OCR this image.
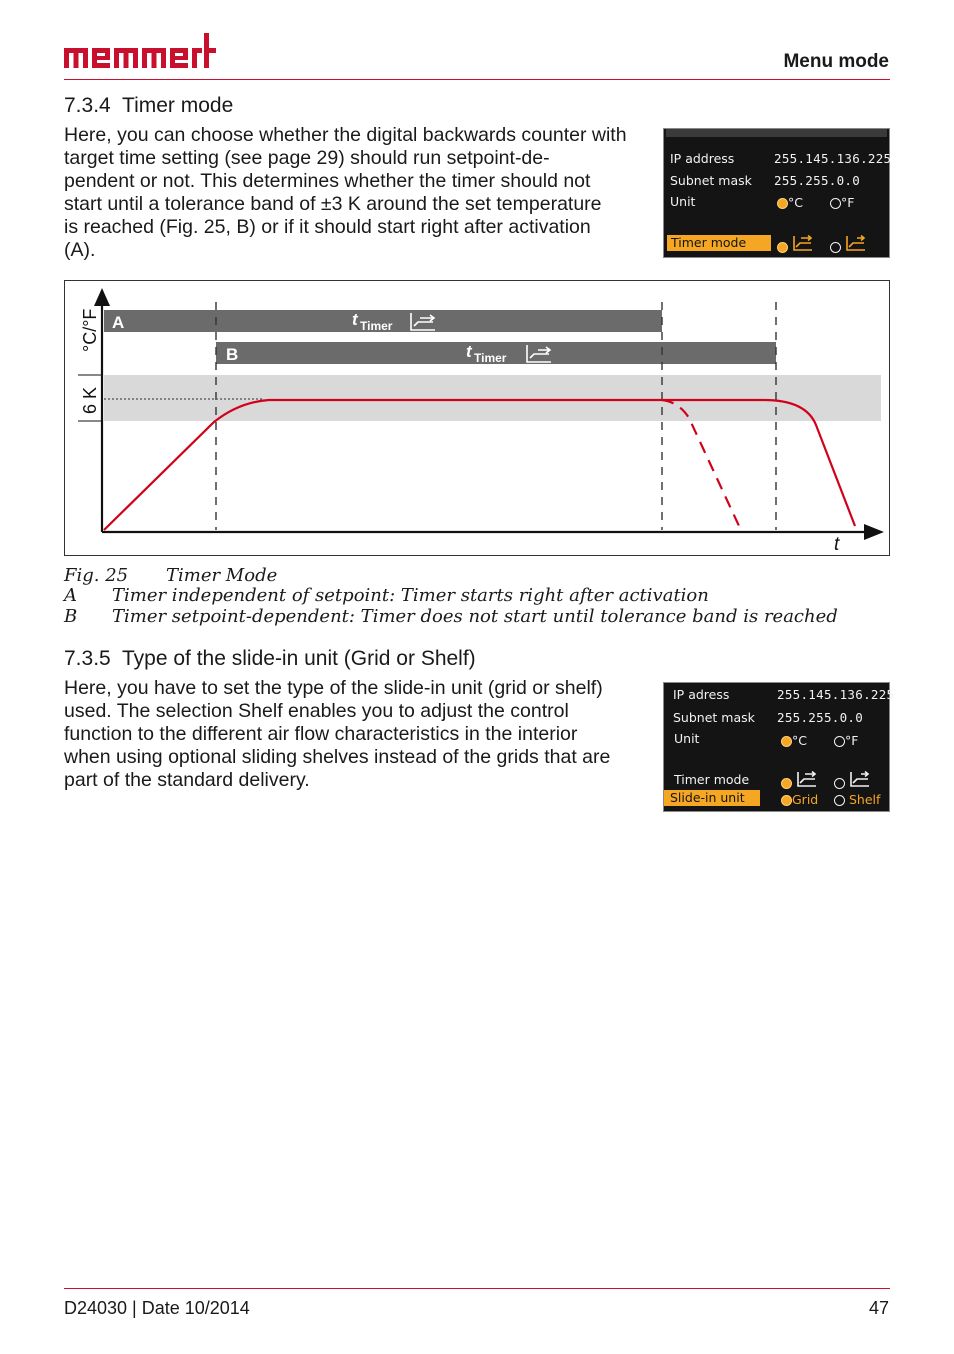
Menu mode
7.3.4 Timer mode
Here, you can choose whether the digital backwards counter with
target time setting (see page 29) should run setpoint-de-
pendent or not. This determines whether the timer should not
start until a tolerance band of ±3 K around the set temperature
is reached (Fig. 25, B) or if it should start right after activation
(A).
IP address	255.145.136.225
Subnet mask 255.255.0.0
Unit	°C	°F
Timer mode

A
B
t Timer
t Timer
°C/°F
6 K
t
Fig. 25 Timer Mode
A Timer independent of setpoint: Timer starts right after activation
B Timer setpoint-dependent: Timer does not start until tolerance band is reached
7.3.5 Type of the slide-in unit (Grid or Shelf)
Here, you have to set the type of the slide-in unit (grid or shelf)
used. The selection Shelf enables you to adjust the control
function to the different air flow characteristics in the interior
when using optional sliding shelves instead of the grids that are
part of the standard delivery.
IP adress	255.145.136.225
Subnet mask 255.255.0.0
Unit	°C	°F
Timer mode

Slide-in unit	Grid	Shelf
D24030 | Date 10/2014	47
